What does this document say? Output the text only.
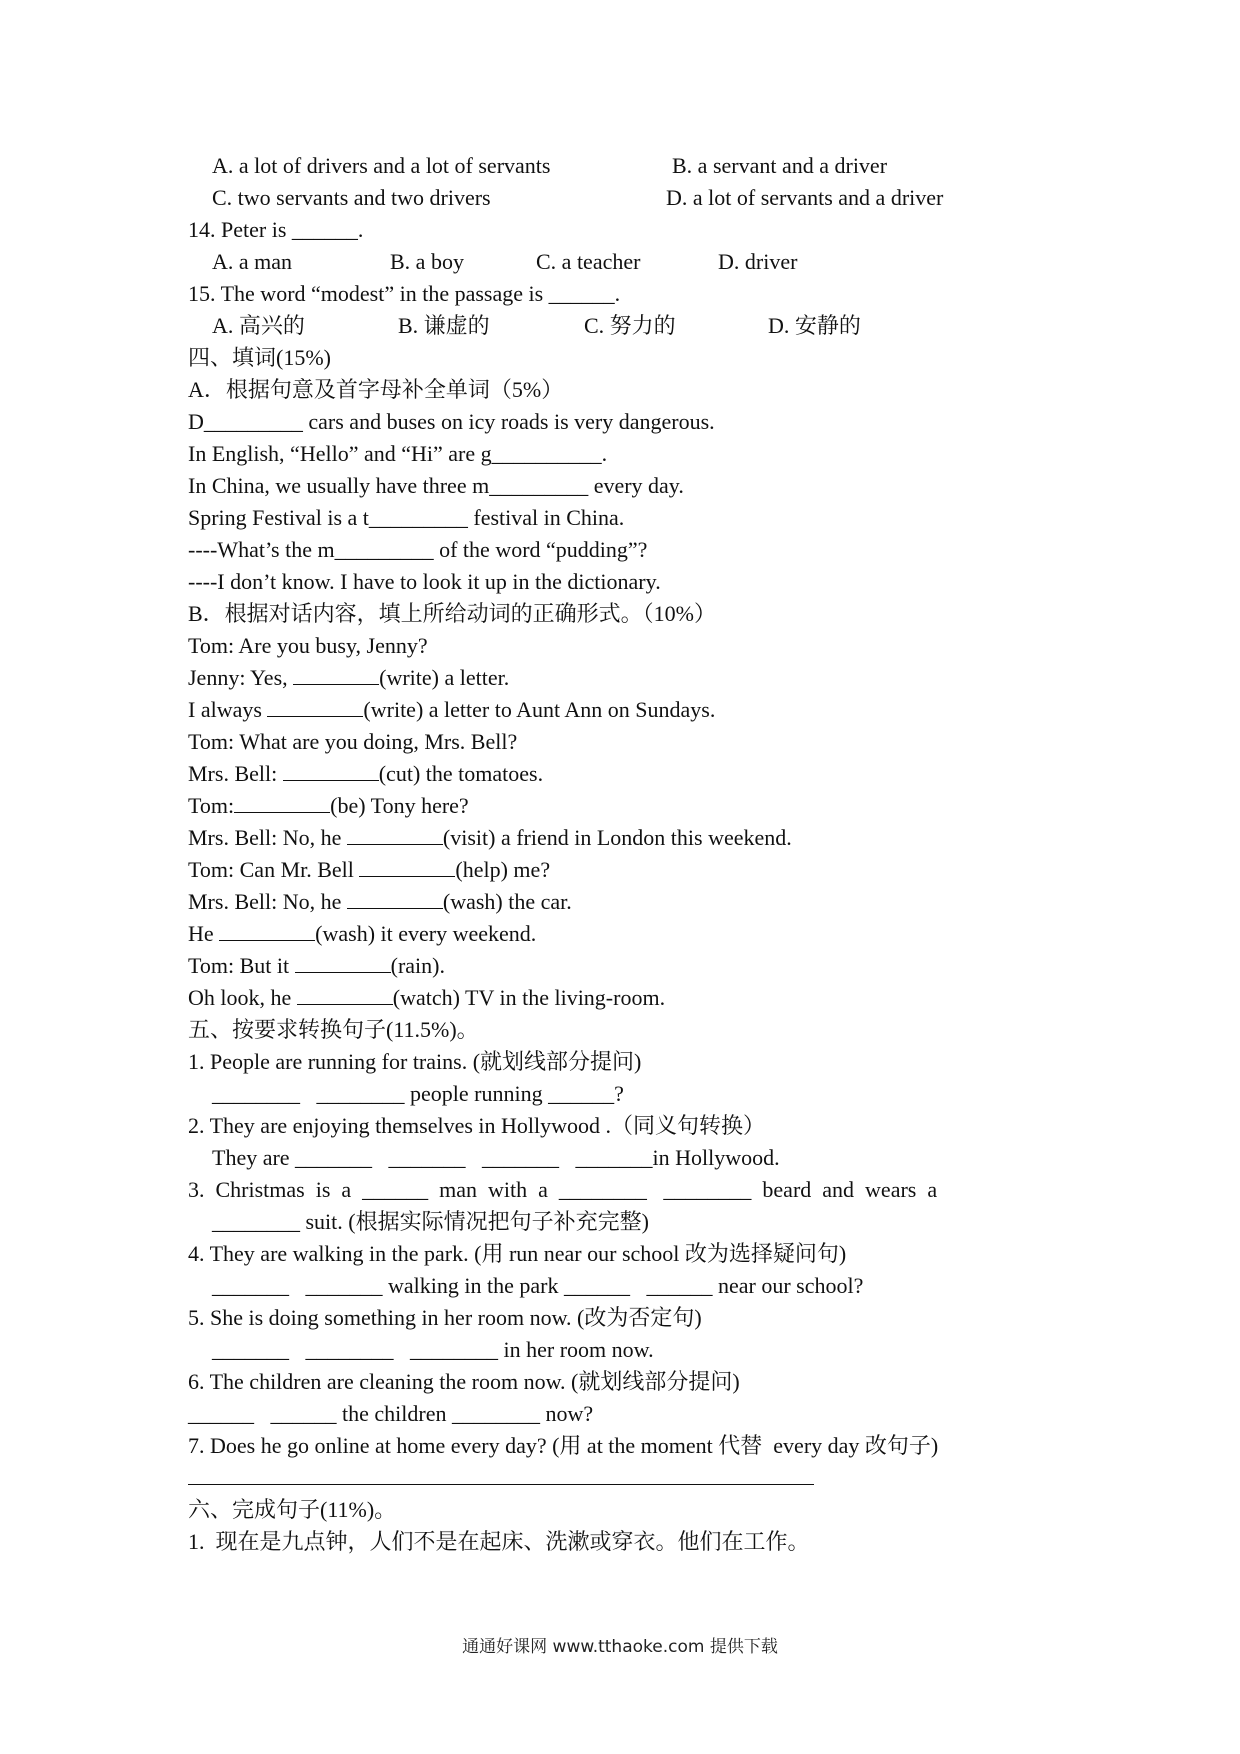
A. a lot of drivers and a lot of servants	B. a servant and a driver
C. two servants and two drivers	D. a lot of servants and a driver
14. Peter is ______.
A. a man	B. a boy	C. a teacher	D. driver
15. The word “modest” in the passage is ______.
A. 高兴的	B. 谦虚的	C. 努力的	D. 安静的
四、填词(15%)
A．根据句意及首字母补全单词（5%）
D_________ cars and buses on icy roads is very dangerous.
In English, “Hello” and “Hi” are g__________.
In China, we usually have three m_________ every day.
Spring Festival is a t_________ festival in China.
----What’s the m_________ of the word “pudding”?
----I don’t know. I have to look it up in the dictionary.
B．根据对话内容，填上所给动词的正确形式。（10%）
Tom: Are you busy, Jenny?
Jenny: Yes,	(write) a letter.
I always	(write) a letter to Aunt Ann on Sundays.
Tom: What are you doing, Mrs. Bell?
Mrs. Bell:	(cut) the tomatoes.
Tom:	(be) Tony here?
Mrs. Bell: No, he	(visit) a friend in London this weekend.
Tom: Can Mr. Bell	(help) me?
Mrs. Bell: No, he	(wash) the car.
He	(wash) it every weekend.
Tom: But it	(rain).
Oh look, he	(watch) TV in the living-room.
五、按要求转换句子(11.5%)。
1. People are running for trains. (就划线部分提问)
________   ________ people running ______?
2. They are enjoying themselves in Hollywood .（同义句转换）
They are _______   _______   _______   _______in Hollywood.
3.  Christmas  is  a  ______  man  with  a  ________   ________  beard  and  wears  a
________ suit. (根据实际情况把句子补充完整)
4. They are walking in the park. (用 run near our school 改为选择疑问句)
_______   _______ walking in the park ______   ______ near our school?
5. She is doing something in her room now. (改为否定句)
_______   ________   ________ in her room now.
6. The children are cleaning the room now. (就划线部分提问)
______   ______ the children ________ now?
7. Does he go online at home every day? (用 at the moment 代替  every day 改句子)
六、完成句子(11%)。
1.  现在是九点钟，人们不是在起床、洗漱或穿衣。他们在工作。
通通好课网 www.tthaoke.com 提供下载
